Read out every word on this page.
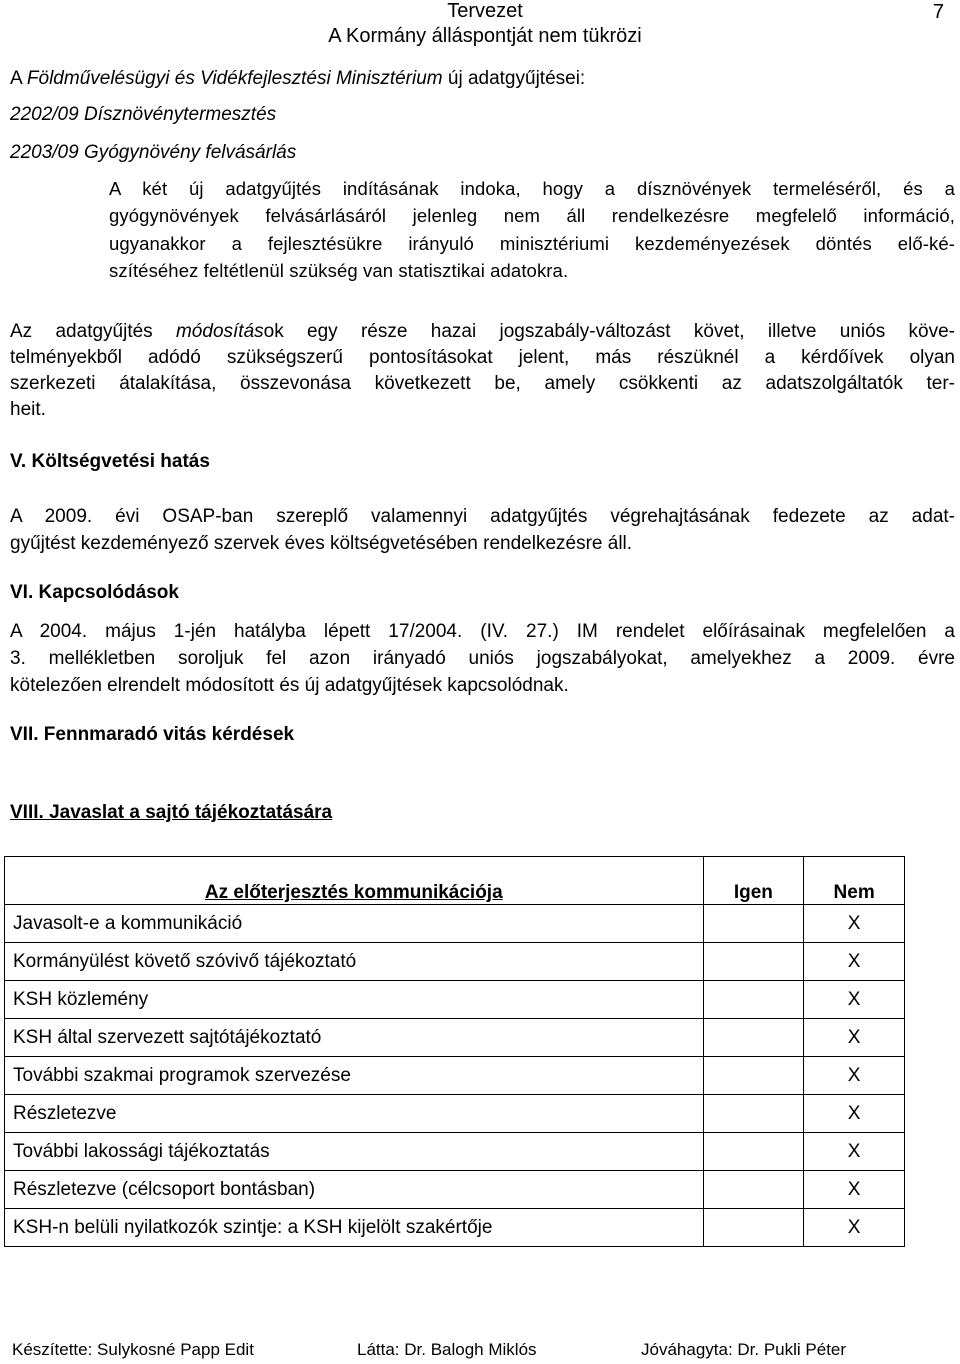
Tervezet
A Kormány álláspontját nem tükrözi
7
A Földművelésügyi és Vidékfejlesztési Minisztérium új adatgyűjtései:
2202/09 Dísznövénytermesztés
2203/09 Gyógynövény felvásárlás
A két új adatgyűjtés indításának indoka, hogy a dísznövények termeléséről, és a
gyógynövények felvásárlásáról jelenleg nem áll rendelkezésre megfelelő információ,
ugyanakkor a fejlesztésükre irányuló minisztériumi kezdeményezések döntés elő-ké-
szítéséhez feltétlenül szükség van statisztikai adatokra.
Az adatgyűjtés módosítások egy része hazai jogszabály-változást követ, illetve uniós köve-
telményekből adódó szükségszerű pontosításokat jelent, más részüknél a kérdőívek olyan
szerkezeti átalakítása, összevonása következett be, amely csökkenti az adatszolgáltatók ter-
heit.
V. Költségvetési hatás
A 2009. évi OSAP-ban szereplő valamennyi adatgyűjtés végrehajtásának fedezete az adat-
gyűjtést kezdeményező szervek éves költségvetésében rendelkezésre áll.
VI. Kapcsolódások
A 2004. május 1-jén hatályba lépett 17/2004. (IV. 27.) IM rendelet előírásainak megfelelően a
3. mellékletben soroljuk fel azon irányadó uniós jogszabályokat, amelyekhez a 2009. évre
kötelezően elrendelt módosított és új adatgyűjtések kapcsolódnak.
VII. Fennmaradó vitás kérdések
VIII. Javaslat a sajtó tájékoztatására
Az előterjesztés kommunikációja	Igen	Nem
Javasolt-e a kommunikáció		X
Kormányülést követő szóvivő tájékoztató		X
KSH közlemény		X
KSH által szervezett sajtótájékoztató		X
További szakmai programok szervezése		X
Részletezve		X
További lakossági tájékoztatás		X
Részletezve (célcsoport bontásban)		X
KSH-n belüli nyilatkozók szintje: a KSH kijelölt szakértője		X
Készítette: Sulykosné Papp Edit	Látta: Dr. Balogh Miklós	Jóváhagyta: Dr. Pukli Péter
